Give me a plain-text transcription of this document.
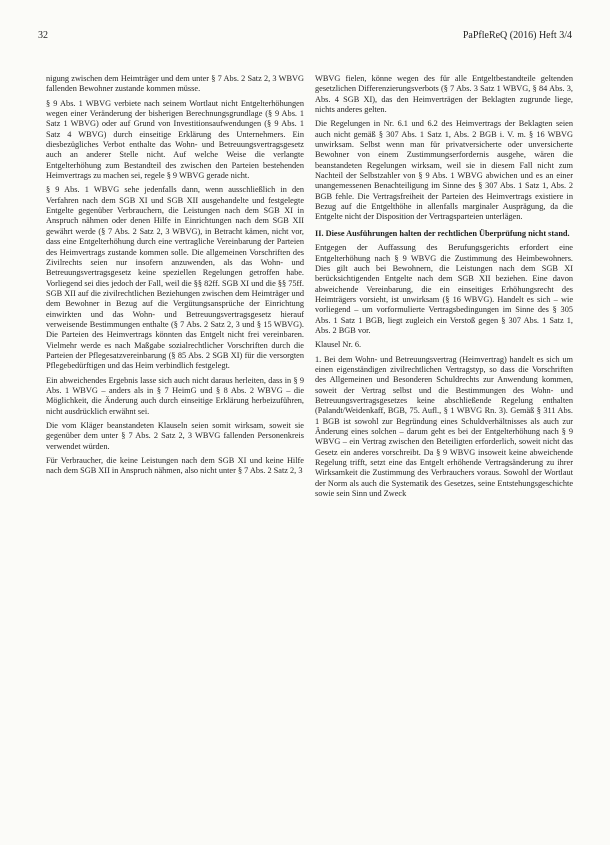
32	PaPfleReQ (2016) Heft 3/4

nigung zwischen dem Heimträger und dem unter § 7 Abs. 2 Satz 2, 3 WBVG fallenden Bewohner zustande kommen müsse.

§ 9 Abs. 1 WBVG verbiete nach seinem Wortlaut nicht Entgelterhöhungen wegen einer Veränderung der bisherigen Berechnungsgrundlage (§ 9 Abs. 1 Satz 1 WBVG) oder auf Grund von Investitionsaufwendungen (§ 9 Abs. 1 Satz 4 WBVG) durch einseitige Erklärung des Unternehmers. Ein diesbezügliches Verbot enthalte das Wohn- und Betreuungsvertragsgesetz auch an anderer Stelle nicht. Auf welche Weise die verlangte Entgelterhöhung zum Bestandteil des zwischen den Parteien bestehenden Heimvertrags zu machen sei, regele § 9 WBVG gerade nicht.

§ 9 Abs. 1 WBVG sehe jedenfalls dann, wenn ausschließlich in den Verfahren nach dem SGB XI und SGB XII ausgehandelte und festgelegte Entgelte gegenüber Verbrauchern, die Leistungen nach dem SGB XI in Anspruch nähmen oder denen Hilfe in Einrichtungen nach dem SGB XII gewährt werde (§ 7 Abs. 2 Satz 2, 3 WBVG), in Betracht kämen, nicht vor, dass eine Entgelterhöhung durch eine vertragliche Vereinbarung der Parteien des Heimvertrags zustande kommen solle. Die allgemeinen Vorschriften des Zivilrechts seien nur insofern anzuwenden, als das Wohn- und Betreuungsvertragsgesetz keine speziellen Regelungen getroffen habe. Vorliegend sei dies jedoch der Fall, weil die §§ 82ff. SGB XI und die §§ 75ff. SGB XII auf die zivilrechtlichen Beziehungen zwischen dem Heimträger und dem Bewohner in Bezug auf die Vergütungsansprüche der Einrichtung einwirkten und das Wohn- und Betreuungsvertragsgesetz hierauf verweisende Bestimmungen enthalte (§ 7 Abs. 2 Satz 2, 3 und § 15 WBVG). Die Parteien des Heimvertrags könnten das Entgelt nicht frei vereinbaren. Vielmehr werde es nach Maßgabe sozialrechtlicher Vorschriften durch die Parteien der Pflegesatzvereinbarung (§ 85 Abs. 2 SGB XI) für die versorgten Pflegebedürftigen und das Heim verbindlich festgelegt.

Ein abweichendes Ergebnis lasse sich auch nicht daraus herleiten, dass in § 9 Abs. 1 WBVG – anders als in § 7 HeimG und § 8 Abs. 2 WBVG – die Möglichkeit, die Änderung auch durch einseitige Erklärung herbeizuführen, nicht ausdrücklich erwähnt sei.

Die vom Kläger beanstandeten Klauseln seien somit wirksam, soweit sie gegenüber dem unter § 7 Abs. 2 Satz 2, 3 WBVG fallenden Personenkreis verwendet würden.

Für Verbraucher, die keine Leistungen nach dem SGB XI und keine Hilfe nach dem SGB XII in Anspruch nähmen, also nicht unter § 7 Abs. 2 Satz 2, 3

WBVG fielen, könne wegen des für alle Entgeltbestandteile geltenden gesetzlichen Differenzierungsverbots (§ 7 Abs. 3 Satz 1 WBVG, § 84 Abs. 3, Abs. 4 SGB XI), das den Heimverträgen der Beklagten zugrunde liege, nichts anderes gelten.

Die Regelungen in Nr. 6.1 und 6.2 des Heimvertrags der Beklagten seien auch nicht gemäß § 307 Abs. 1 Satz 1, Abs. 2 BGB i. V. m. § 16 WBVG unwirksam. Selbst wenn man für privatversicherte oder unversicherte Bewohner von einem Zustimmungserfordernis ausgehe, wären die beanstandeten Regelungen wirksam, weil sie in diesem Fall nicht zum Nachteil der Selbstzahler von § 9 Abs. 1 WBVG abwichen und es an einer unangemessenen Benachteiligung im Sinne des § 307 Abs. 1 Satz 1, Abs. 2 BGB fehle. Die Vertragsfreiheit der Parteien des Heimvertrags existiere in Bezug auf die Entgelthöhe in allenfalls marginaler Ausprägung, da die Entgelte nicht der Disposition der Vertragsparteien unterlägen.

II. Diese Ausführungen halten der rechtlichen Überprüfung nicht stand.

Entgegen der Auffassung des Berufungsgerichts erfordert eine Entgelterhöhung nach § 9 WBVG die Zustimmung des Heimbewohners. Dies gilt auch bei Bewohnern, die Leistungen nach dem SGB XI berücksichtigenden Entgelte nach dem SGB XII beziehen. Eine davon abweichende Vereinbarung, die ein einseitiges Erhöhungsrecht des Heimträgers vorsieht, ist unwirksam (§ 16 WBVG). Handelt es sich – wie vorliegend – um vorformulierte Vertragsbedingungen im Sinne des § 305 Abs. 1 Satz 1 BGB, liegt zugleich ein Verstoß gegen § 307 Abs. 1 Satz 1, Abs. 2 BGB vor.

Klausel Nr. 6.

1. Bei dem Wohn- und Betreuungsvertrag (Heimvertrag) handelt es sich um einen eigenständigen zivilrechtlichen Vertragstyp, so dass die Vorschriften des Allgemeinen und Besonderen Schuldrechts zur Anwendung kommen, soweit der Vertrag selbst und die Bestimmungen des Wohn- und Betreuungsvertragsgesetzes keine abschließende Regelung enthalten (Palandt/Weidenkaff, BGB, 75. Aufl., § 1 WBVG Rn. 3). Gemäß § 311 Abs. 1 BGB ist sowohl zur Begründung eines Schuldverhältnisses als auch zur Änderung eines solchen – darum geht es bei der Entgelterhöhung nach § 9 WBVG – ein Vertrag zwischen den Beteiligten erforderlich, soweit nicht das Gesetz ein anderes vorschreibt. Da § 9 WBVG insoweit keine abweichende Regelung trifft, setzt eine das Entgelt erhöhende Vertragsänderung zu ihrer Wirksamkeit die Zustimmung des Verbrauchers voraus. Sowohl der Wortlaut der Norm als auch die Systematik des Gesetzes, seine Entstehungsgeschichte sowie sein Sinn und Zweck
